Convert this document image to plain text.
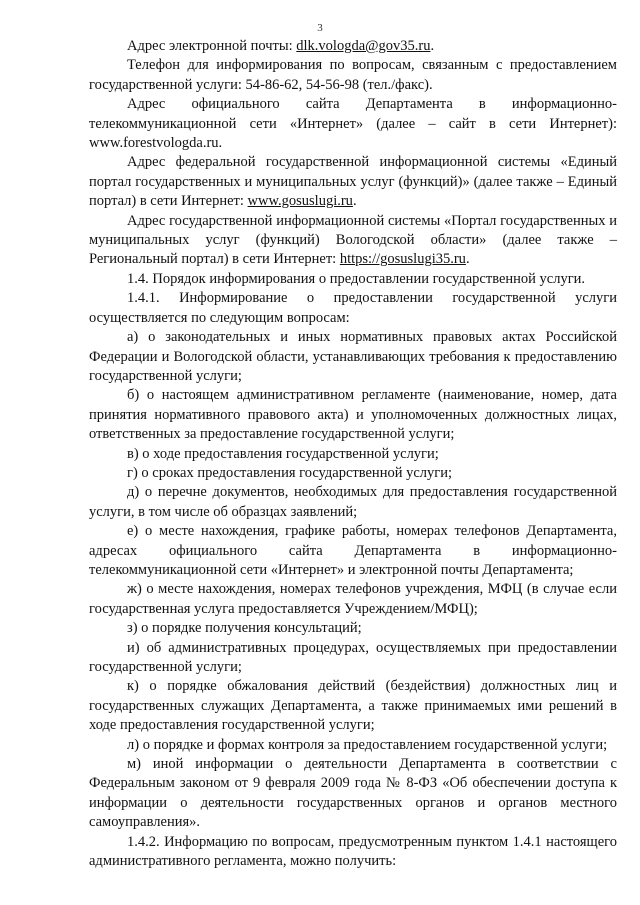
3

Адрес электронной почты: dlk.vologda@gov35.ru.

Телефон для информирования по вопросам, связанным с предоставлением государственной услуги: 54-86-62, 54-56-98 (тел./факс).

Адрес официального сайта Департамента в информационно-телекоммуникационной сети «Интернет» (далее – сайт в сети Интернет): www.forestvologda.ru.

Адрес федеральной государственной информационной системы «Единый портал государственных и муниципальных услуг (функций)» (далее также – Единый портал) в сети Интернет: www.gosuslugi.ru.

Адрес государственной информационной системы «Портал государственных и муниципальных услуг (функций) Вологодской области» (далее также – Региональный портал) в сети Интернет: https://gosuslugi35.ru.

1.4. Порядок информирования о предоставлении государственной услуги.

1.4.1. Информирование о предоставлении государственной услуги осуществляется по следующим вопросам:

а) о законодательных и иных нормативных правовых актах Российской Федерации и Вологодской области, устанавливающих требования к предоставлению государственной услуги;

б) о настоящем административном регламенте (наименование, номер, дата принятия нормативного правового акта) и уполномоченных должностных лицах, ответственных за предоставление государственной услуги;

в) о ходе предоставления государственной услуги;

г) о сроках предоставления государственной услуги;

д) о перечне документов, необходимых для предоставления государственной услуги, в том числе об образцах заявлений;

е) о месте нахождения, графике работы, номерах телефонов Департамента, адресах официального сайта Департамента в информационно-телекоммуникационной сети «Интернет» и электронной почты Департамента;

ж) о месте нахождения, номерах телефонов учреждения, МФЦ (в случае если государственная услуга предоставляется Учреждением/МФЦ);

з) о порядке получения консультаций;

и) об административных процедурах, осуществляемых при предоставлении государственной услуги;

к) о порядке обжалования действий (бездействия) должностных лиц и государственных служащих Департамента, а также принимаемых ими решений в ходе предоставления государственной услуги;

л) о порядке и формах контроля за предоставлением государственной услуги;

м) иной информации о деятельности Департамента в соответствии с Федеральным законом от 9 февраля 2009 года № 8-ФЗ «Об обеспечении доступа к информации о деятельности государственных органов и органов местного самоуправления».

1.4.2. Информацию по вопросам, предусмотренным пунктом 1.4.1 настоящего административного регламента, можно получить:
